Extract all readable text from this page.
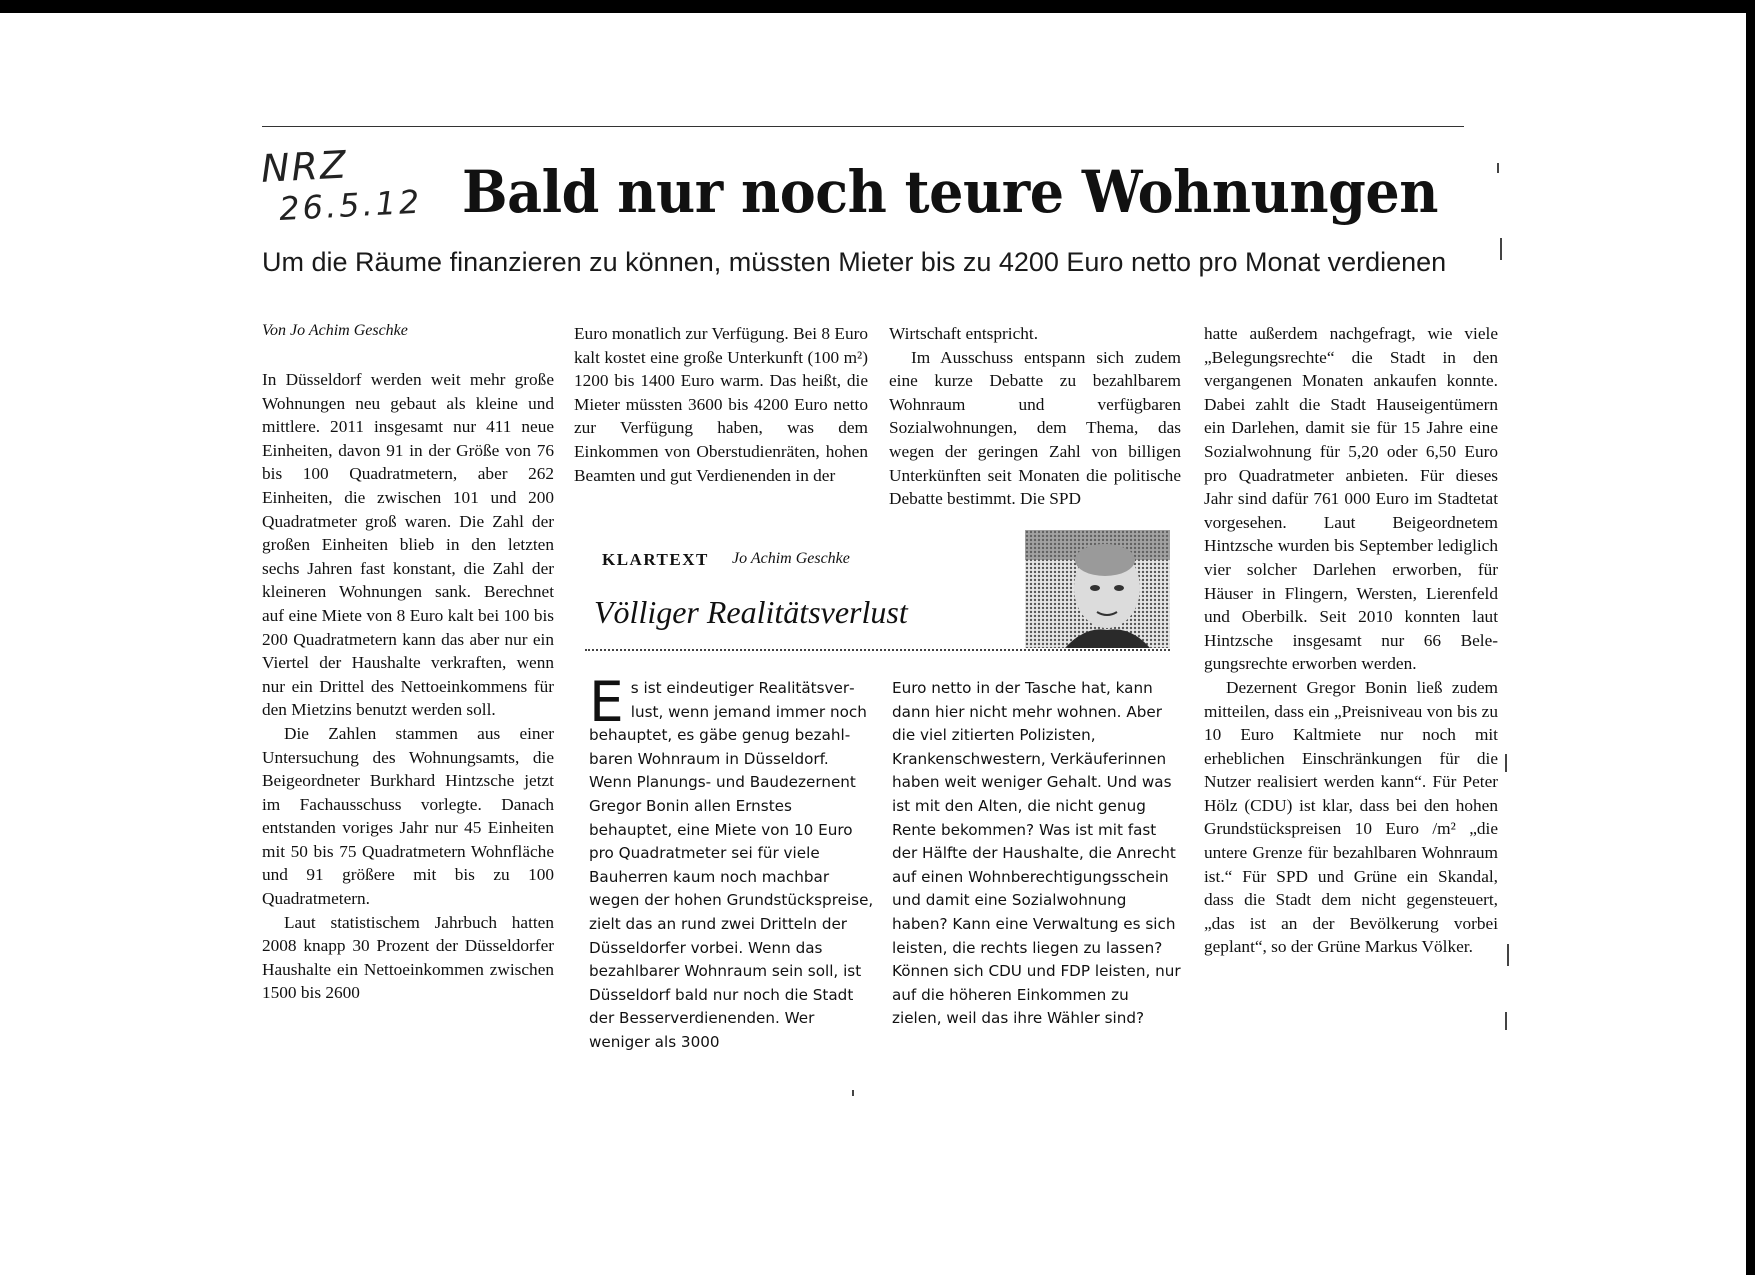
NRZ
26.5.12 Bald nur noch teure Wohnungen
Um die Räume finanzieren zu können, müssten Mieter bis zu 4200 Euro netto pro Monat verdienen
Von Jo Achim Geschke

In Düsseldorf werden weit mehr große Wohnungen neu gebaut als kleine und mittlere. 2011 insgesamt nur 411 neue Einheiten, davon 91 in der Größe von 76 bis 100 Quadratmetern, aber 262 Einheiten, die zwischen 101 und 200 Quadratmeter groß waren. Die Zahl der großen Einheiten blieb in den letzten sechs Jahren fast konstant, die Zahl der kleineren Wohnungen sank. Berechnet auf eine Miete von 8 Euro kalt bei 100 bis 200 Quadratmetern kann das aber nur ein Viertel der Haushalte verkraften, wenn nur ein Drittel des Nettoeinkommens für den Mietzins benutzt werden soll.

Die Zahlen stammen aus einer Untersuchung des Wohnungsamts, die Beigeordneter Burkhard Hintzsche jetzt im Fachausschuss vorlegte. Danach entstanden voriges Jahr nur 45 Einheiten mit 50 bis 75 Quadratmetern Wohnfläche und 91 größere mit bis zu 100 Quadratmetern.

Laut statistischem Jahrbuch hatten 2008 knapp 30 Prozent der Düsseldorfer Haushalte ein Nettoeinkommen zwischen 1500 bis 2600

Euro monatlich zur Verfügung. Bei 8 Euro kalt kostet eine große Unterkunft (100 m²) 1200 bis 1400 Euro warm. Das heißt, die Mieter müssten 3600 bis 4200 Euro netto zur Verfügung haben, was dem Einkommen von Oberstudienräten, hohen Beamten und gut Verdienenden in der

Wirtschaft entspricht.

Im Ausschuss entspann sich zudem eine kurze Debatte zu bezahlbarem Wohnraum und verfügbaren Sozialwohnungen, dem Thema, das wegen der geringen Zahl von billigen Unterkünften seit Monaten die politische Debatte bestimmt. Die SPD

hatte außerdem nachgefragt, wie viele „Belegungsrechte“ die Stadt in den vergangenen Monaten ankaufen konnte. Dabei zahlt die Stadt Hauseigentümern ein Darlehen, damit sie für 15 Jahre eine Sozialwohnung für 5,20 oder 6,50 Euro pro Quadratmeter anbieten. Für dieses Jahr sind dafür 761 000 Euro im Stadtetat vorgesehen. Laut Beigeordnetem Hintzsche wurden bis September lediglich vier solcher Darlehen erworben, für Häuser in Flingern, Wersten, Lierenfeld und Oberbilk. Seit 2010 konnten laut Hintzsche insgesamt nur 66 Belegungsrechte erworben werden.

Dezernent Gregor Bonin ließ zudem mitteilen, dass ein „Preisniveau von bis zu 10 Euro Kaltmiete nur noch mit erheblichen Einschränkungen für die Nutzer realisiert werden kann“. Für Peter Hölz (CDU) ist klar, dass bei den hohen Grundstückspreisen 10 Euro /m² „die untere Grenze für bezahlbaren Wohnraum ist.“ Für SPD und Grüne ein Skandal, dass die Stadt dem nicht gegensteuert, „das ist an der Bevölkerung vorbei geplant“, so der Grüne Markus Völker.

KLARTEXT Jo Achim Geschke
Völliger Realitätsverlust
E s ist eindeutiger Realitätsverlust, wenn jemand immer noch behauptet, es gäbe genug bezahlbaren Wohnraum in Düsseldorf. Wenn Planungs- und Baudezernent Gregor Bonin allen Ernstes behauptet, eine Miete von 10 Euro pro Quadratmeter sei für viele Bauherren kaum noch machbar wegen der hohen Grundstückspreise, zielt das an rund zwei Dritteln der Düsseldorfer vorbei. Wenn das bezahlbarer Wohnraum sein soll, ist Düsseldorf bald nur noch die Stadt der Besserverdienenden. Wer weniger als 3000

Euro netto in der Tasche hat, kann dann hier nicht mehr wohnen. Aber die viel zitierten Polizisten, Krankenschwestern, Verkäuferinnen haben weit weniger Gehalt. Und was ist mit den Alten, die nicht genug Rente bekommen? Was ist mit fast der Hälfte der Haushalte, die Anrecht auf einen Wohnberechtigungsschein und damit eine Sozialwohnung haben? Kann eine Verwaltung es sich leisten, die rechts liegen zu lassen? Können sich CDU und FDP leisten, nur auf die höheren Einkommen zu zielen, weil das ihre Wähler sind?
